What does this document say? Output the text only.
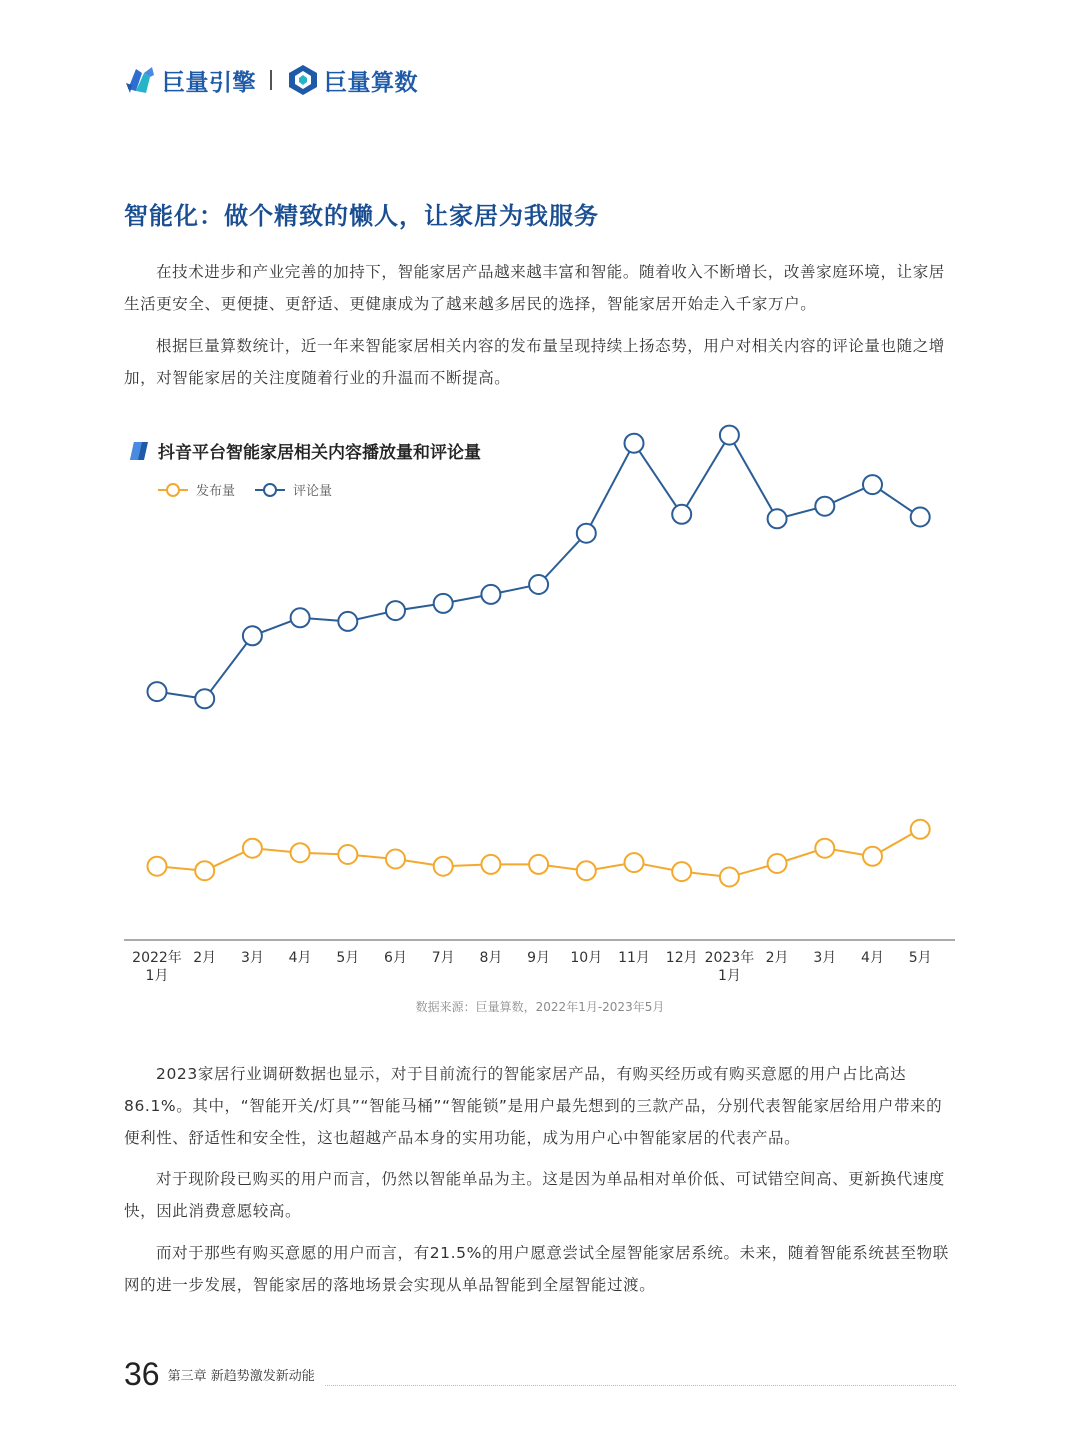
巨量引擎	巨量算数
智能化：做个精致的懒人，让家居为我服务

在技术进步和产业完善的加持下，智能家居产品越来越丰富和智能。随着收入不断增长，改善家庭环境，让家居生活更安全、更便捷、更舒适、更健康成为了越来越多居民的选择，智能家居开始走入千家万户。

根据巨量算数统计，近一年来智能家居相关内容的发布量呈现持续上扬态势，用户对相关内容的评论量也随之增加，对智能家居的关注度随着行业的升温而不断提高。

抖音平台智能家居相关内容播放量和评论量
发布量	评论量
2022年
1月
2月 3月 4月 5月 6月 7月 8月 9月 10月 11月 12月 2023年
1月
2月 3月 4月 5月
数据来源：巨量算数，2022年1月-2023年5月

2023家居行业调研数据也显示，对于目前流行的智能家居产品，有购买经历或有购买意愿的用户占比高达86.1%。其中，“智能开关/灯具”“智能马桶”“智能锁”是用户最先想到的三款产品，分别代表智能家居给用户带来的便利性、舒适性和安全性，这也超越产品本身的实用功能，成为用户心中智能家居的代表产品。

对于现阶段已购买的用户而言，仍然以智能单品为主。这是因为单品相对单价低、可试错空间高、更新换代速度快，因此消费意愿较高。

而对于那些有购买意愿的用户而言，有21.5%的用户愿意尝试全屋智能家居系统。未来，随着智能系统甚至物联网的进一步发展，智能家居的落地场景会实现从单品智能到全屋智能过渡。

36 第三章 新趋势激发新动能
